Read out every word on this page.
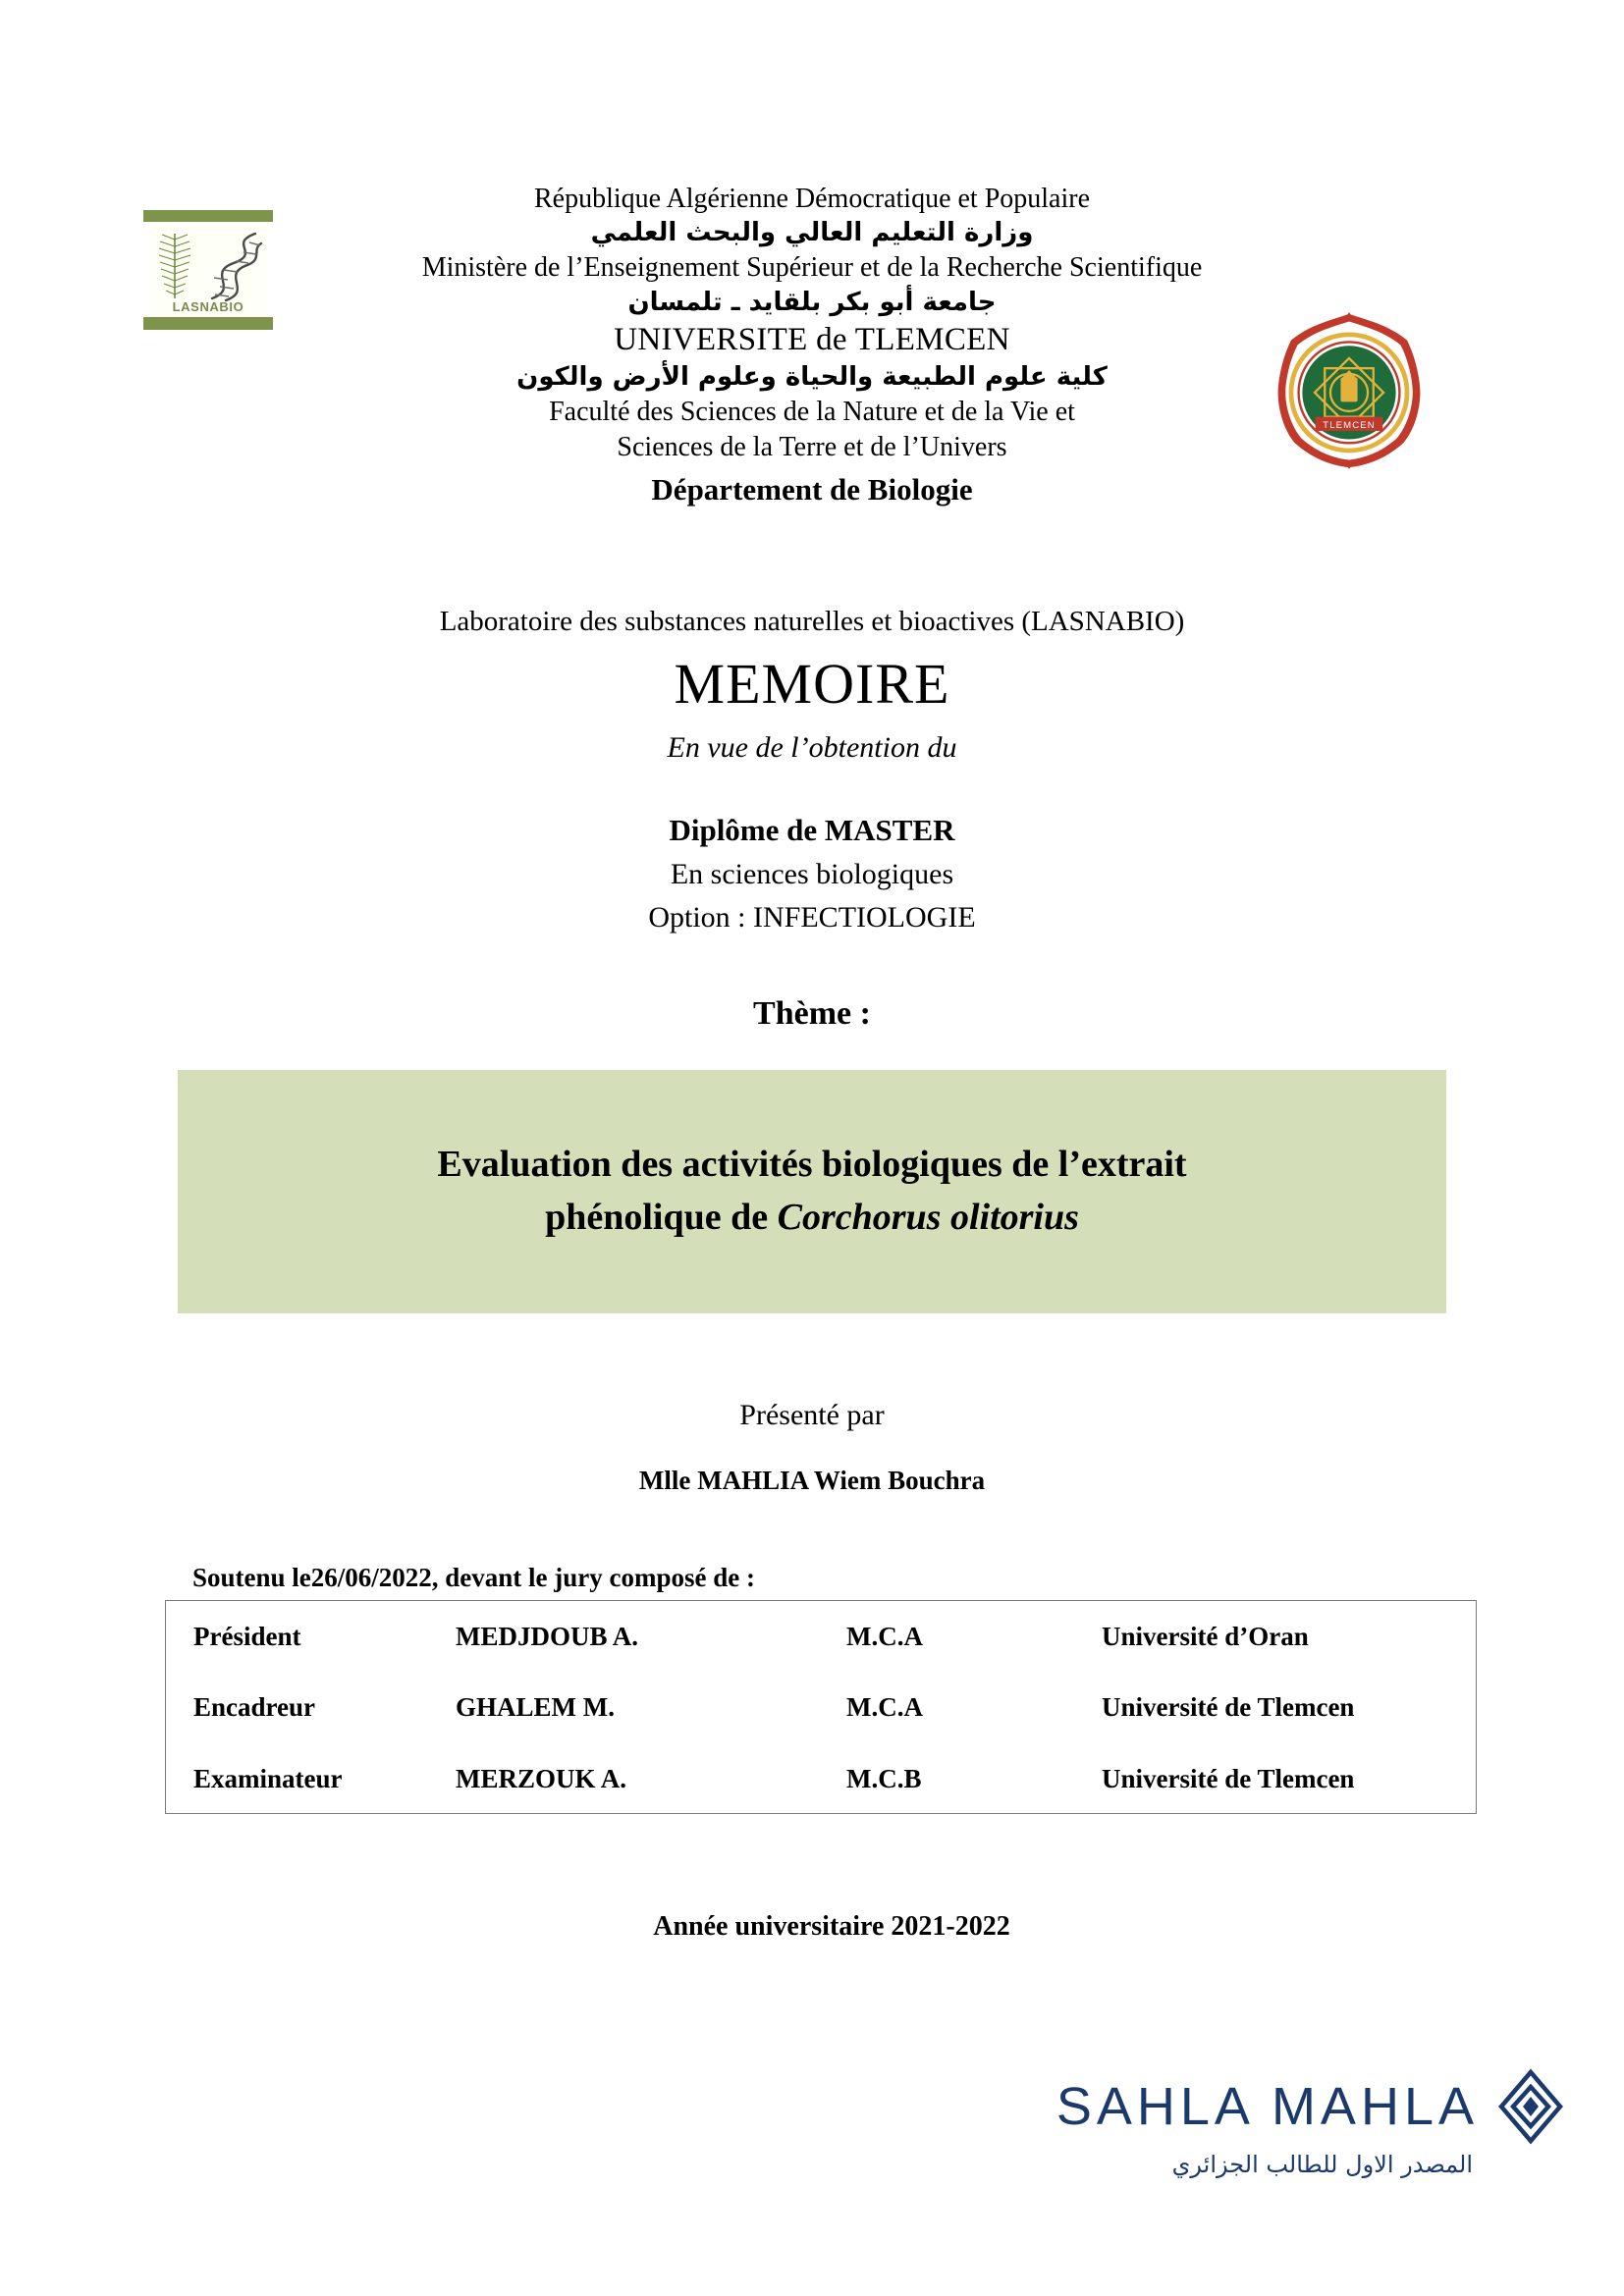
LASNABIO
TLEMCEN
République Algérienne Démocratique et Populaire
وزارة التعليم العالي والبحث العلمي
Ministère de l’Enseignement Supérieur et de la Recherche Scientifique
جامعة أبو بكر بلقايد ـ تلمسان
UNIVERSITE de TLEMCEN
كلية علوم الطبيعة والحياة وعلوم الأرض والكون
Faculté des Sciences de la Nature et de la Vie et
Sciences de la Terre et de l’Univers
Département de Biologie
Laboratoire des substances naturelles et bioactives (LASNABIO)
MEMOIRE
En vue de l’obtention du
Diplôme de MASTER
En sciences biologiques
Option : INFECTIOLOGIE
Thème :
Evaluation des activités biologiques de l’extrait
phénolique de Corchorus olitorius
Présenté par
Mlle MAHLIA Wiem Bouchra
Soutenu le26/06/2022, devant le jury composé de :
Président	MEDJDOUB A.	M.C.A	Université d’Oran
Encadreur	GHALEM M.	M.C.A	Université de Tlemcen
Examinateur	MERZOUK A.	M.C.B	Université de Tlemcen
Année universitaire 2021-2022
SAHLA MAHLA
المصدر الاول للطالب الجزائري
